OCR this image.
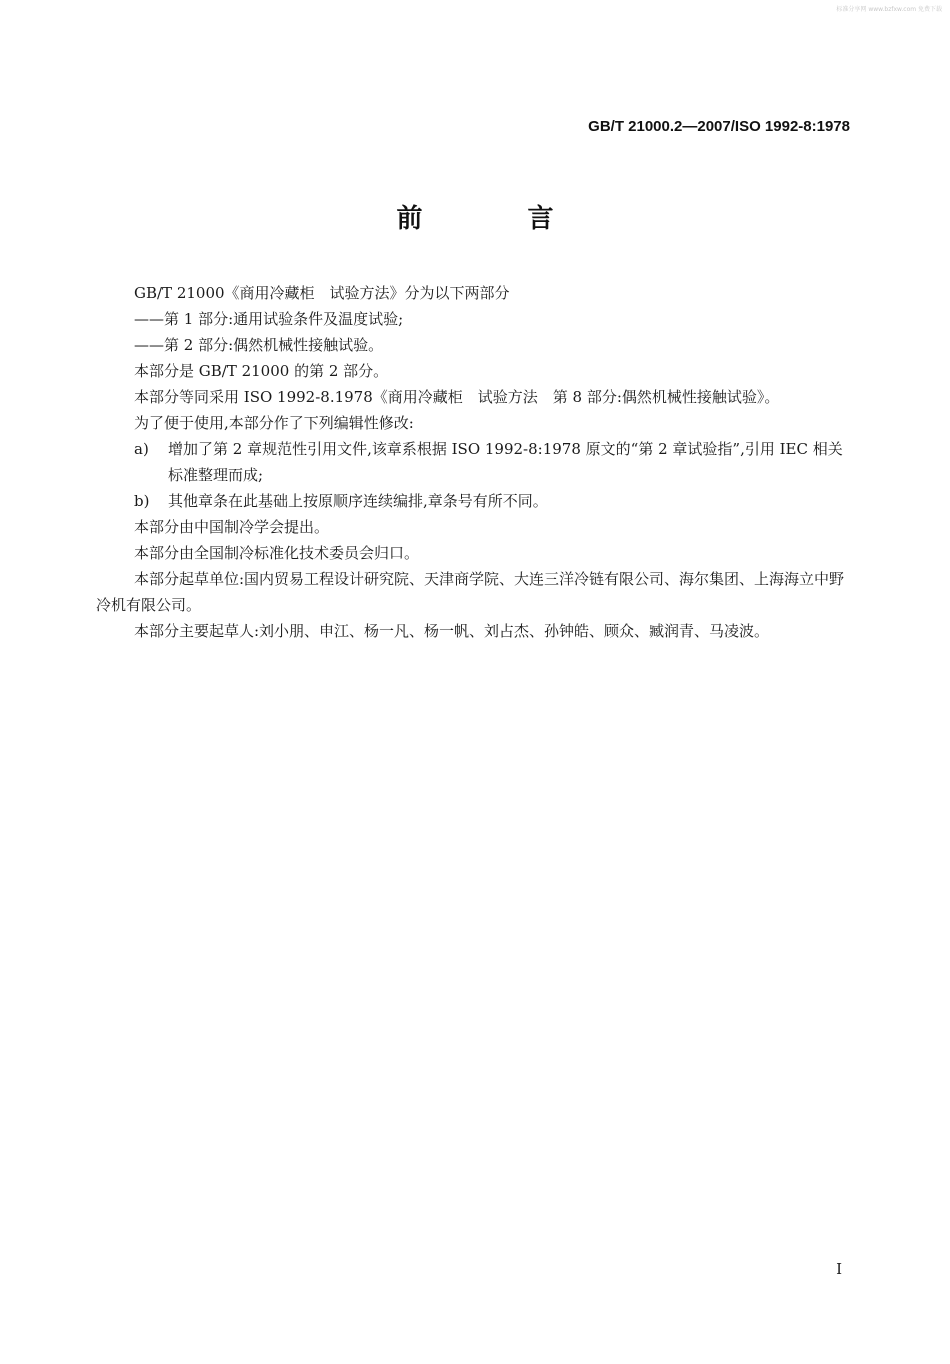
标准分享网 www.bzfxw.com 免费下载
GB/T 21000.2—2007/ISO 1992-8:1978
前 言

GB/T 21000《商用冷藏柜　试验方法》分为以下两部分

——第 1 部分:通用试验条件及温度试验;

——第 2 部分:偶然机械性接触试验。

本部分是 GB/T 21000 的第 2 部分。

本部分等同采用 ISO 1992-8.1978《商用冷藏柜　试验方法　第 8 部分:偶然机械性接触试验》。

为了便于使用,本部分作了下列编辑性修改:

a)	增加了第 2 章规范性引用文件,该章系根据 ISO 1992-8:1978 原文的“第 2 章试验指”,引用 IEC 相关标准整理而成;
b)	其他章条在此基础上按原顺序连续编排,章条号有所不同。

本部分由中国制冷学会提出。

本部分由全国制冷标准化技术委员会归口。

本部分起草单位:国内贸易工程设计研究院、天津商学院、大连三洋冷链有限公司、海尔集团、上海海立中野冷机有限公司。

本部分主要起草人:刘小朋、申江、杨一凡、杨一帆、刘占杰、孙钟皓、顾众、臧润青、马凌波。

I
